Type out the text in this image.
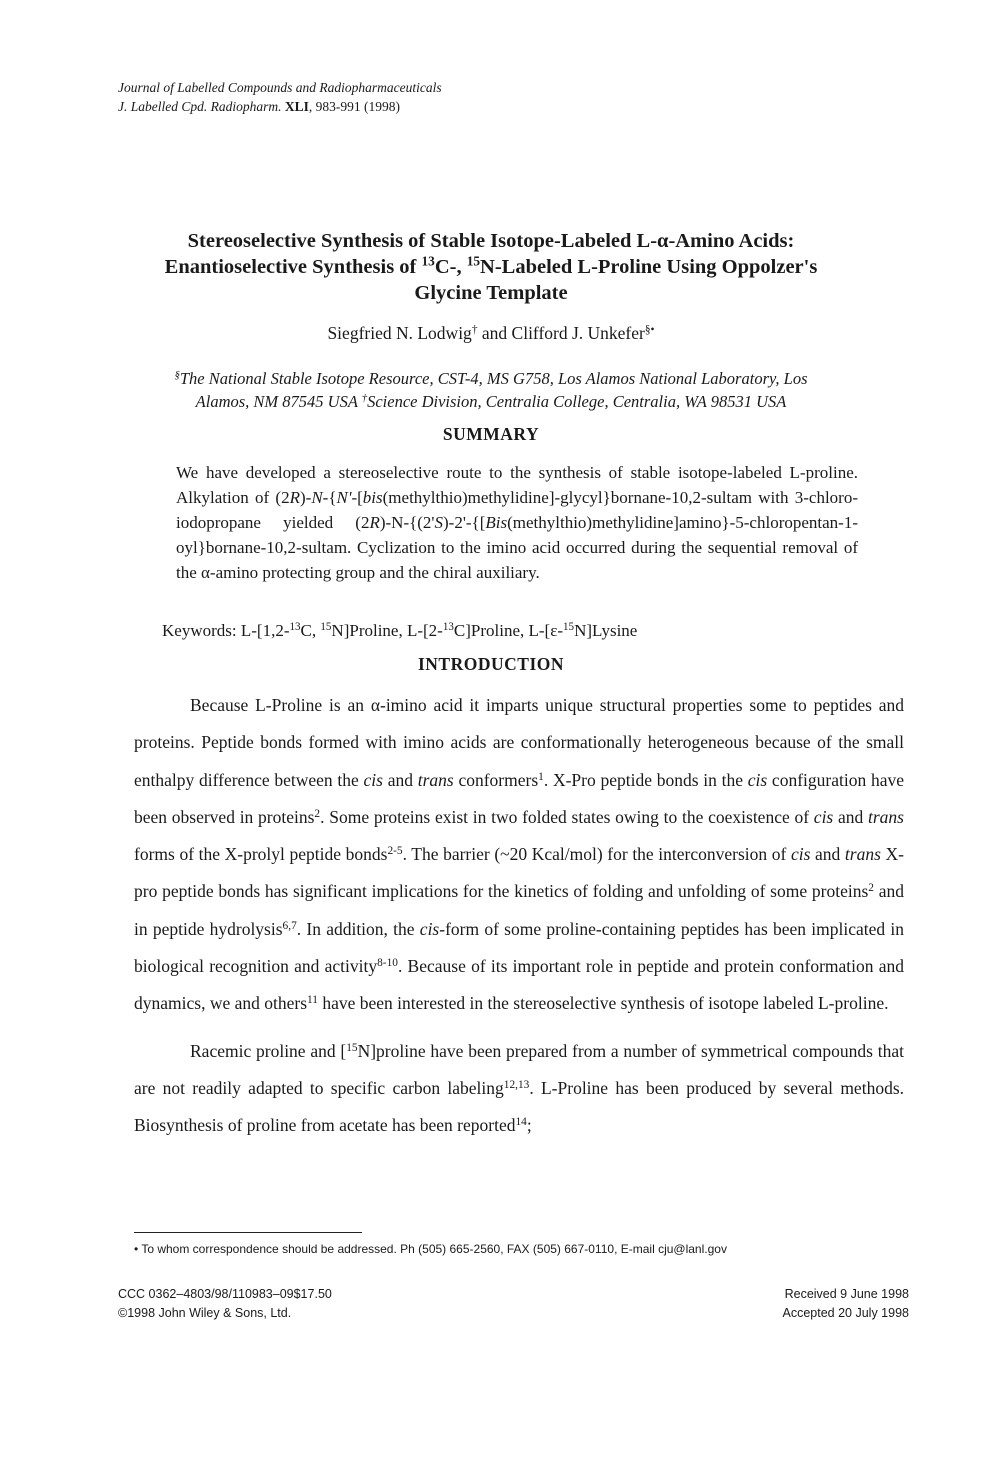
Journal of Labelled Compounds and Radiopharmaceuticals
J. Labelled Cpd. Radiopharm. XLI, 983-991 (1998)
Stereoselective Synthesis of Stable Isotope-Labeled L-α-Amino Acids:
Enantioselective Synthesis of $^{13}$C-, $^{15}$N-Labeled L-Proline Using Oppolzer's
Glycine Template
Siegfried N. Lodwig† and Clifford J. Unkefer§•
§The National Stable Isotope Resource, CST-4, MS G758, Los Alamos National Laboratory, Los
Alamos, NM 87545 USA †Science Division, Centralia College, Centralia, WA 98531 USA
SUMMARY

We have developed a stereoselective route to the synthesis of stable isotope-labeled L-proline. Alkylation of (2R)-N-{N'-[bis(methylthio)methylidine]-glycyl}bornane-10,2-sultam with 3-chloro-iodopropane yielded (2R)-N-{(2'S)-2'-{[Bis(methylthio)methylidine]amino}-5-chloropentan-1-oyl}bornane-10,2-sultam. Cyclization to the imino acid occurred during the sequential removal of the α-amino protecting group and the chiral auxiliary.

Keywords: L-[1,2-$^{13}$C, $^{15}$N]Proline, L-[2-$^{13}$C]Proline, L-[ε-$^{15}$N]Lysine
INTRODUCTION

Because L-Proline is an α-imino acid it imparts unique structural properties some to peptides and proteins. Peptide bonds formed with imino acids are conformationally heterogeneous because of the small enthalpy difference between the cis and trans conformers$^1$. X-Pro peptide bonds in the cis configuration have been observed in proteins$^2$. Some proteins exist in two folded states owing to the coexistence of cis and trans forms of the X-prolyl peptide bonds$^{2-5}$. The barrier (~20 Kcal/mol) for the interconversion of cis and trans X-pro peptide bonds has significant implications for the kinetics of folding and unfolding of some proteins$^2$ and in peptide hydrolysis$^{6,7}$. In addition, the cis-form of some proline-containing peptides has been implicated in biological recognition and activity$^{8-10}$. Because of its important role in peptide and protein conformation and dynamics, we and others$^{11}$ have been interested in the stereoselective synthesis of isotope labeled L-proline.

Racemic proline and [$^{15}$N]proline have been prepared from a number of symmetrical compounds that are not readily adapted to specific carbon labeling$^{12,13}$. L-Proline has been produced by several methods. Biosynthesis of proline from acetate has been reported$^{14}$;

• To whom correspondence should be addressed. Ph (505) 665-2560, FAX (505) 667-0110, E-mail cju@lanl.gov
CCC 0362–4803/98/110983–09$17.50
©1998 John Wiley & Sons, Ltd.
Received 9 June 1998
Accepted 20 July 1998
